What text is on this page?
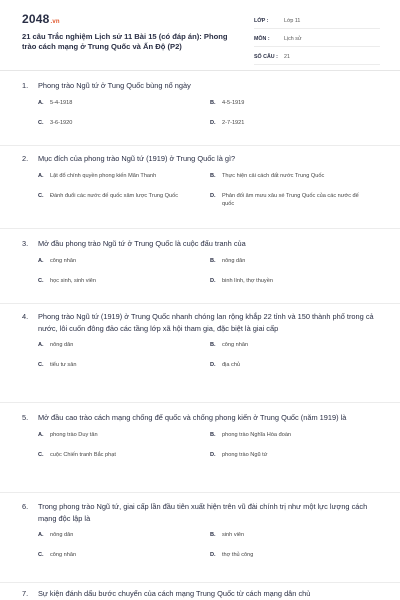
2048.vn
21 câu Trắc nghiệm Lịch sử 11 Bài 15 (có đáp án): Phong trào cách mạng ở Trung Quốc và Ấn Độ (P2)
LỚP :	Lớp 11
MÔN :	Lịch sử
SỐ CÂU :	21
1.	Phong trào Ngũ tứ ở Tung Quốc bùng nổ ngày
A.	5-4-1918	B.	4-5-1919
C.	3-6-1920	D.	2-7-1921
2.	Mục đích của phong trào Ngũ tứ (1919) ở Trung Quốc là gì?
A.	Lật đổ chính quyền phong kiến Mãn Thanh	B.	Thực hiện cải cách đất nước Trung Quốc
C.	Đánh đuổi các nước đế quốc xâm lược Trung Quốc	D.	Phản đối âm mưu xâu xé Trung Quốc của các nước đế quốc
3.	Mở đầu phong trào Ngũ tứ ở Trung Quốc là cuộc đấu tranh của
A.	công nhân	B.	nông dân
C.	học sinh, sinh viên	D.	binh lính, thợ thuyền
4.	Phong trào Ngũ tứ (1919) ở Trung Quốc nhanh chóng lan rộng khắp 22 tỉnh và 150 thành phố trong cả nước, lôi cuốn đông đảo các tầng lớp xã hội tham gia, đặc biệt là giai cấp
A.	nông dân	B.	công nhân
C.	tiểu tư sản	D.	địa chủ
5.	Mở đầu cao trào cách mạng chống đế quốc và chống phong kiến ở Trung Quốc (năm 1919) là
A.	phong trào Duy tân	B.	phong trào Nghĩa Hòa đoàn
C.	cuộc Chiến tranh Bắc phạt	D.	phong trào Ngũ tứ
6.	Trong phong trào Ngũ tứ, giai cấp lần đầu tiên xuất hiện trên vũ đài chính trị như một lực lượng cách mạng độc lập là
A.	nông dân	B.	sinh viên
C.	công nhân	D.	thợ thủ công
7.	Sự kiện đánh dấu bước chuyển của cách mạng Trung Quốc từ cách mạng dân chủ
